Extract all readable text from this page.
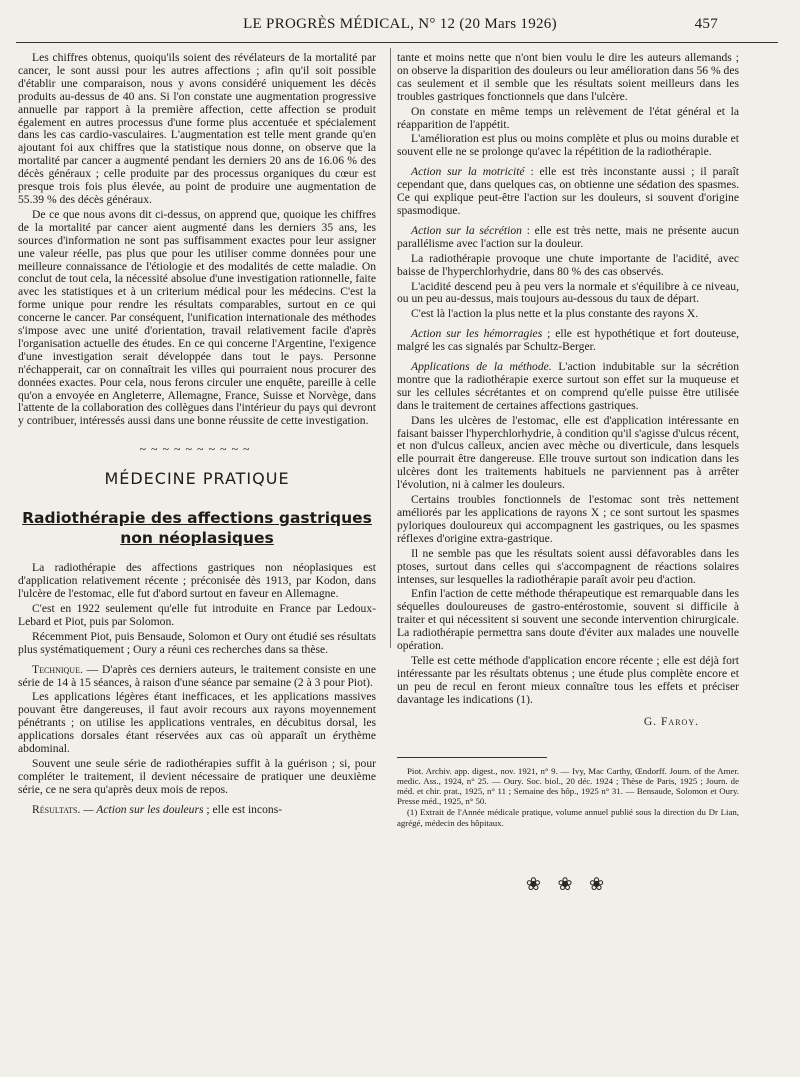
LE PROGRÈS MÉDICAL, N° 12 (20 Mars 1926)	457

Les chiffres obtenus, quoiqu'ils soient des révélateurs de la mortalité par cancer, le sont aussi pour les autres affections ; afin qu'il soit possible d'établir une comparaison, nous y avons considéré uniquement les décès produits au-dessus de 40 ans. Si l'on constate une augmentation progressive annuelle par rapport à la première affection, cette affection se produit également en autres processus d'une forme plus accentuée et spécialement dans les cas cardio-vasculaires. L'augmentation est telle ment grande qu'en ajoutant foi aux chiffres que la statistique nous donne, on observe que la mortalité par cancer a augmenté pendant les derniers 20 ans de 16.06 % des décès généraux ; celle produite par des processus organiques du cœur est presque trois fois plus élevée, au point de produire une augmentation de 55.39 % des décès généraux.

De ce que nous avons dit ci-dessus, on apprend que, quoique les chiffres de la mortalité par cancer aient augmenté dans les derniers 35 ans, les sources d'information ne sont pas suffisamment exactes pour leur assigner une valeur réelle, pas plus que pour les utiliser comme données pour une meilleure connaissance de l'étiologie et des modalités de cette maladie. On conclut de tout cela, la nécessité absolue d'une investigation rationnelle, faite avec les statistiques et à un criterium médical pour les médecins. C'est la forme unique pour rendre les résultats comparables, surtout en ce qui concerne le cancer. Par conséquent, l'unification internationale des méthodes s'impose avec une unité d'orientation, travail relativement facile d'après l'organisation actuelle des études. En ce qui concerne l'Argentine, l'exigence d'une investigation serait développée dans tout le pays. Personne n'échapperait, car on connaîtrait les villes qui pourraient nous procurer des données exactes. Pour cela, nous ferons circuler une enquête, pareille à celle qu'on a envoyée en Angleterre, Allemagne, France, Suisse et Norvège, dans l'attente de la collaboration des collègues dans l'intérieur du pays qui devront y contribuer, intéressés aussi dans une bonne réussite de cette investigation.

~~~~~~~~~~
MÉDECINE PRATIQUE
Radiothérapie des affections gastriques
non néoplasiques

La radiothérapie des affections gastriques non néoplasiques est d'application relativement récente ; préconisée dès 1913, par Kodon, dans l'ulcère de l'estomac, elle fut d'abord surtout en faveur en Allemagne.

C'est en 1922 seulement qu'elle fut introduite en France par Ledoux-Lebard et Piot, puis par Solomon.

Récemment Piot, puis Bensaude, Solomon et Oury ont étudié ses résultats plus systématiquement ; Oury a réuni ces recherches dans sa thèse.

Technique. — D'après ces derniers auteurs, le traitement consiste en une série de 14 à 15 séances, à raison d'une séance par semaine (2 à 3 pour Piot).

Les applications légères étant inefficaces, et les applications massives pouvant être dangereuses, il faut avoir recours aux rayons moyennement pénétrants ; on utilise les applications ventrales, en décubitus dorsal, les applications dorsales étant réservées aux cas où apparaît un érythème abdominal.

Souvent une seule série de radiothérapies suffit à la guérison ; si, pour compléter le traitement, il devient nécessaire de pratiquer une deuxième série, ce ne sera qu'après deux mois de repos.

Résultats. — Action sur les douleurs ; elle est incons-

tante et moins nette que n'ont bien voulu le dire les auteurs allemands ; on observe la disparition des douleurs ou leur amélioration dans 56 % des cas seulement et il semble que les résultats soient meilleurs dans les troubles gastriques fonctionnels que dans l'ulcère.

On constate en même temps un relèvement de l'état général et la réapparition de l'appétit.

L'amélioration est plus ou moins complète et plus ou moins durable et souvent elle ne se prolonge qu'avec la répétition de la radiothérapie.

Action sur la motricité : elle est très inconstante aussi ; il paraît cependant que, dans quelques cas, on obtienne une sédation des spasmes. Ce qui explique peut-être l'action sur les douleurs, si souvent d'origine spasmodique.

Action sur la sécrétion : elle est très nette, mais ne présente aucun parallélisme avec l'action sur la douleur.

La radiothérapie provoque une chute importante de l'acidité, avec baisse de l'hyperchlorhydrie, dans 80 % des cas observés.

L'acidité descend peu à peu vers la normale et s'équilibre à ce niveau, ou un peu au-dessus, mais toujours au-dessous du taux de départ.

C'est là l'action la plus nette et la plus constante des rayons X.

Action sur les hémorragies ; elle est hypothétique et fort douteuse, malgré les cas signalés par Schultz-Berger.

Applications de la méthode. L'action indubitable sur la sécrétion montre que la radiothérapie exerce surtout son effet sur la muqueuse et sur les cellules sécrétantes et on comprend qu'elle puisse être utilisée dans le traitement de certaines affections gastriques.

Dans les ulcères de l'estomac, elle est d'application intéressante en faisant baisser l'hyperchlorhydrie, à condition qu'il s'agisse d'ulcus récent, et non d'ulcus calleux, ancien avec mèche ou diverticule, dans lesquels elle pourrait être dangereuse. Elle trouve surtout son indication dans les ulcères dont les traitements habituels ne parviennent pas à arrêter l'évolution, ni à calmer les douleurs.

Certains troubles fonctionnels de l'estomac sont très nettement améliorés par les applications de rayons X ; ce sont surtout les spasmes pyloriques douloureux qui accompagnent les gastriques, ou les spasmes réflexes d'origine extra-gastrique.

Il ne semble pas que les résultats soient aussi défavorables dans les ptoses, surtout dans celles qui s'accompagnent de réactions solaires intenses, sur lesquelles la radiothérapie paraît avoir peu d'action.

Enfin l'action de cette méthode thérapeutique est remarquable dans les séquelles douloureuses de gastro-entérostomie, souvent si difficile à traiter et qui nécessitent si souvent une seconde intervention chirurgicale. La radiothérapie permettra sans doute d'éviter aux malades une nouvelle opération.

Telle est cette méthode d'application encore récente ; elle est déjà fort intéressante par les résultats obtenus ; une étude plus complète encore et un peu de recul en feront mieux connaître tous les effets et préciser davantage les indications (1).

G. Faroy.

Piot. Archiv. app. digest., nov. 1921, n° 9. — Ivy, Mac Carthy, Œndorff. Journ. of the Amer. medic. Ass., 1924, n° 25. — Oury. Soc. biol., 20 déc. 1924 ; Thèse de Paris, 1925 ; Journ. de méd. et chir. prat., 1925, n° 11 ; Semaine des hôp., 1925 n° 31. — Bensaude, Solomon et Oury. Presse méd., 1925, n° 50.

(1) Extrait de l'Année médicale pratique, volume annuel publié sous la direction du Dr Lian, agrégé, médecin des hôpitaux.

❀ ❀ ❀
